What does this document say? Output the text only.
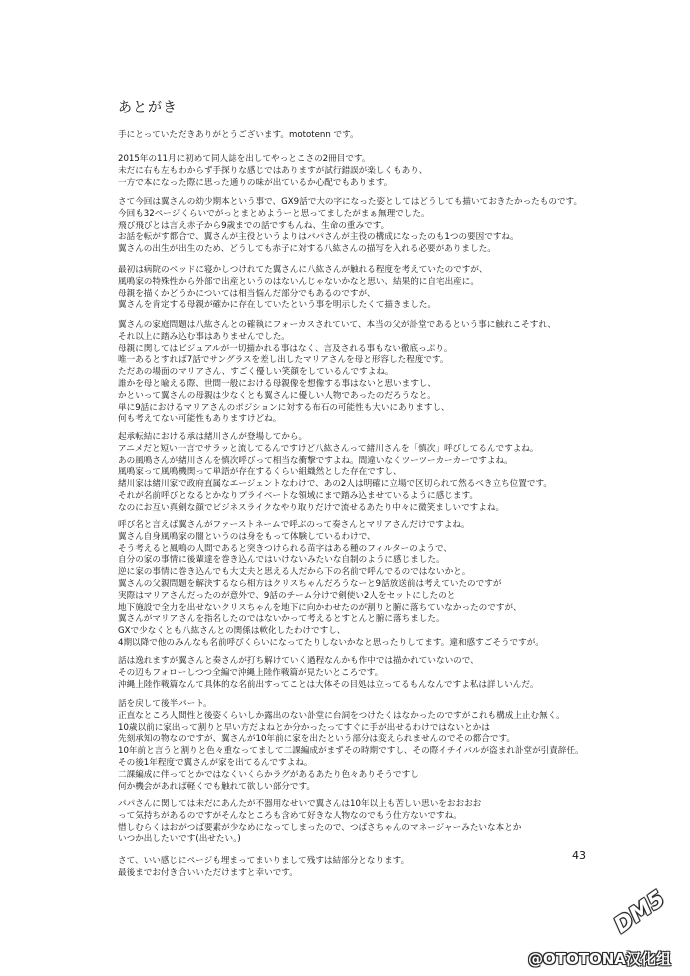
あとがき
手にとっていただきありがとうございます。mototenn です。
2015年の11月に初めて同人誌を出してやっとこさの2冊目です。
未だに右も左もわからず手探りな感じではありますが試行錯誤が楽しくもあり、
一方で本になった際に思った通りの味が出ているか心配でもあります。
さて今回は翼さんの幼少期本という事で、GX9話で大の字になった姿としてはどうしても描いておきたかったものです。
今回も32ページくらいでがっとまとめようーと思ってましたがまぁ無理でした。
飛び飛びとは言え赤子から9歳までの話ですもんね、生命の重みです。
お話を転がす都合で、翼さんが主役というよりはパパさんが主役の構成になったのも1つの要因ですね。
翼さんの出生が出生のため、どうしても赤子に対する八紘さんの描写を入れる必要がありました。
最初は病院のベッドに寝かしつけれてた翼さんに八紘さんが触れる程度を考えていたのですが、
風鳴家の特殊性から外部で出産というのはないんじゃないかなと思い、結果的に自宅出産に。
母親を描くかどうかについては相当悩んだ部分でもあるのですが、
翼さんを肯定する母親が確かに存在していたという事を明示したくて描きました。
翼さんの家庭問題は八紘さんとの確執にフォーカスされていて、本当の父が訃堂であるという事に触れこそすれ、
それ以上に踏み込む事はありませんでした。
母親に関してはビジュアルが一切描かれる事はなく、言及される事もない徹底っぷり。
唯一あるとすれば7話でサングラスを差し出したマリアさんを母と形容した程度です。
ただあの場面のマリアさん、すごく優しい笑顔をしているんですよね。
誰かを母と喩える際、世間一般における母親像を想像する事はないと思いますし、
かといって翼さんの母親は少なくとも翼さんに優しい人物であったのだろうなと。
単に9話におけるマリアさんのポジションに対する布石の可能性も大いにありますし、
何も考えてない可能性もありますけどね。
起承転結における承は緒川さんが登場してから。
アニメだと短い一言でサラッと流してるんですけど八紘さんって緒川さんを「慎次」呼びしてるんですよね。
あの風鳴さんが緒川さんを慎次呼びって相当な衝撃ですよね。間違いなくツーツーカーカーですよね。
風鳴家って風鳴機関って単語が存在するくらい組織然とした存在ですし、
緒川家は緒川家で政府直属なエージェントなわけで、あの2人は明確に立場で区切られて然るべき立ち位置です。
それが名前呼びとなるとかなりプライベートな領域にまで踏み込ませているように感じます。
なのにお互い真剣な顔でビジネスライクなやり取りだけで流せるあたり中々に微笑ましいですよね。
呼び名と言えば翼さんがファーストネームで呼ぶのって奏さんとマリアさんだけですよね。
翼さん自身風鳴家の闇というのは身をもって体験しているわけで、
そう考えると風鳴の人間であると突きつけられる苗字はある種のフィルターのようで、
自分の家の事情に後輩達を巻き込んではいけないみたいな自制のように感じました。
逆に家の事情に巻き込んでも大丈夫と思える人だから下の名前で呼んでるのではないかと。
翼さんの父親問題を解決するなら相方はクリスちゃんだろうなーと9話放送前は考えていたのですが
実際はマリアさんだったのが意外で、9話のチーム分けで剣使い2人をセットにしたのと
地下施設で全力を出せないクリスちゃんを地下に向かわせたのが割りと腑に落ちていなかったのですが、
翼さんがマリアさんを指名したのではないかって考えるとすとんと腑に落ちました。
GXで少なくとも八紘さんとの関係は軟化したわけですし、
4期以降で他のみんなも名前呼びくらいになってたりしないかなと思ったりしてます。違和感すごそうですが。
話は逸れますが翼さんと奏さんが打ち解けていく過程なんかも作中では描かれていないので、
その辺もフォローしつつ全編で沖縄上陸作戦篇が見たいところです。
沖縄上陸作戦篇なんて具体的な名前出すってことは大体その目処は立ってるもんなんですよ私は詳しいんだ。
話を戻して後半パート。
正直なところ人間性と後姿くらいしか露出のない訃堂に台詞をつけたくはなかったのですがこれも構成上止む無く。
10歳以前に家出って割りと早い方だよねとか分かったってすぐに手が出せるわけではないとかは
先刻承知の物なのですが、翼さんが10年前に家を出たという部分は変えられませんのでその都合です。
10年前と言うと割りと色々重なってまして二課編成がまずその時期ですし、その際イチイバルが盗まれ訃堂が引責辞任。
その後1年程度で翼さんが家を出てるんですよね。
二課編成に伴ってとかではなくいくらかラグがあるあたり色々ありそうですし
何か機会があれば軽くでも触れて欲しい部分です。
パパさんに関しては未だにあんたが不器用なせいで翼さんは10年以上も苦しい思いをおおおお
って気持ちがあるのですがそんなところも含めて好きな人物なのでもう仕方ないですね。
惜しむらくはおがつば要素が少なめになってしまったので、つばさちゃんのマネージャーみたいな本とか
いつか出したいです(出せたい。)
さて、いい感じにページも埋まってまいりまして残すは結部分となります。
最後までお付き合いいただけますと幸いです。
43
DM5
@OTOTONA汉化组
